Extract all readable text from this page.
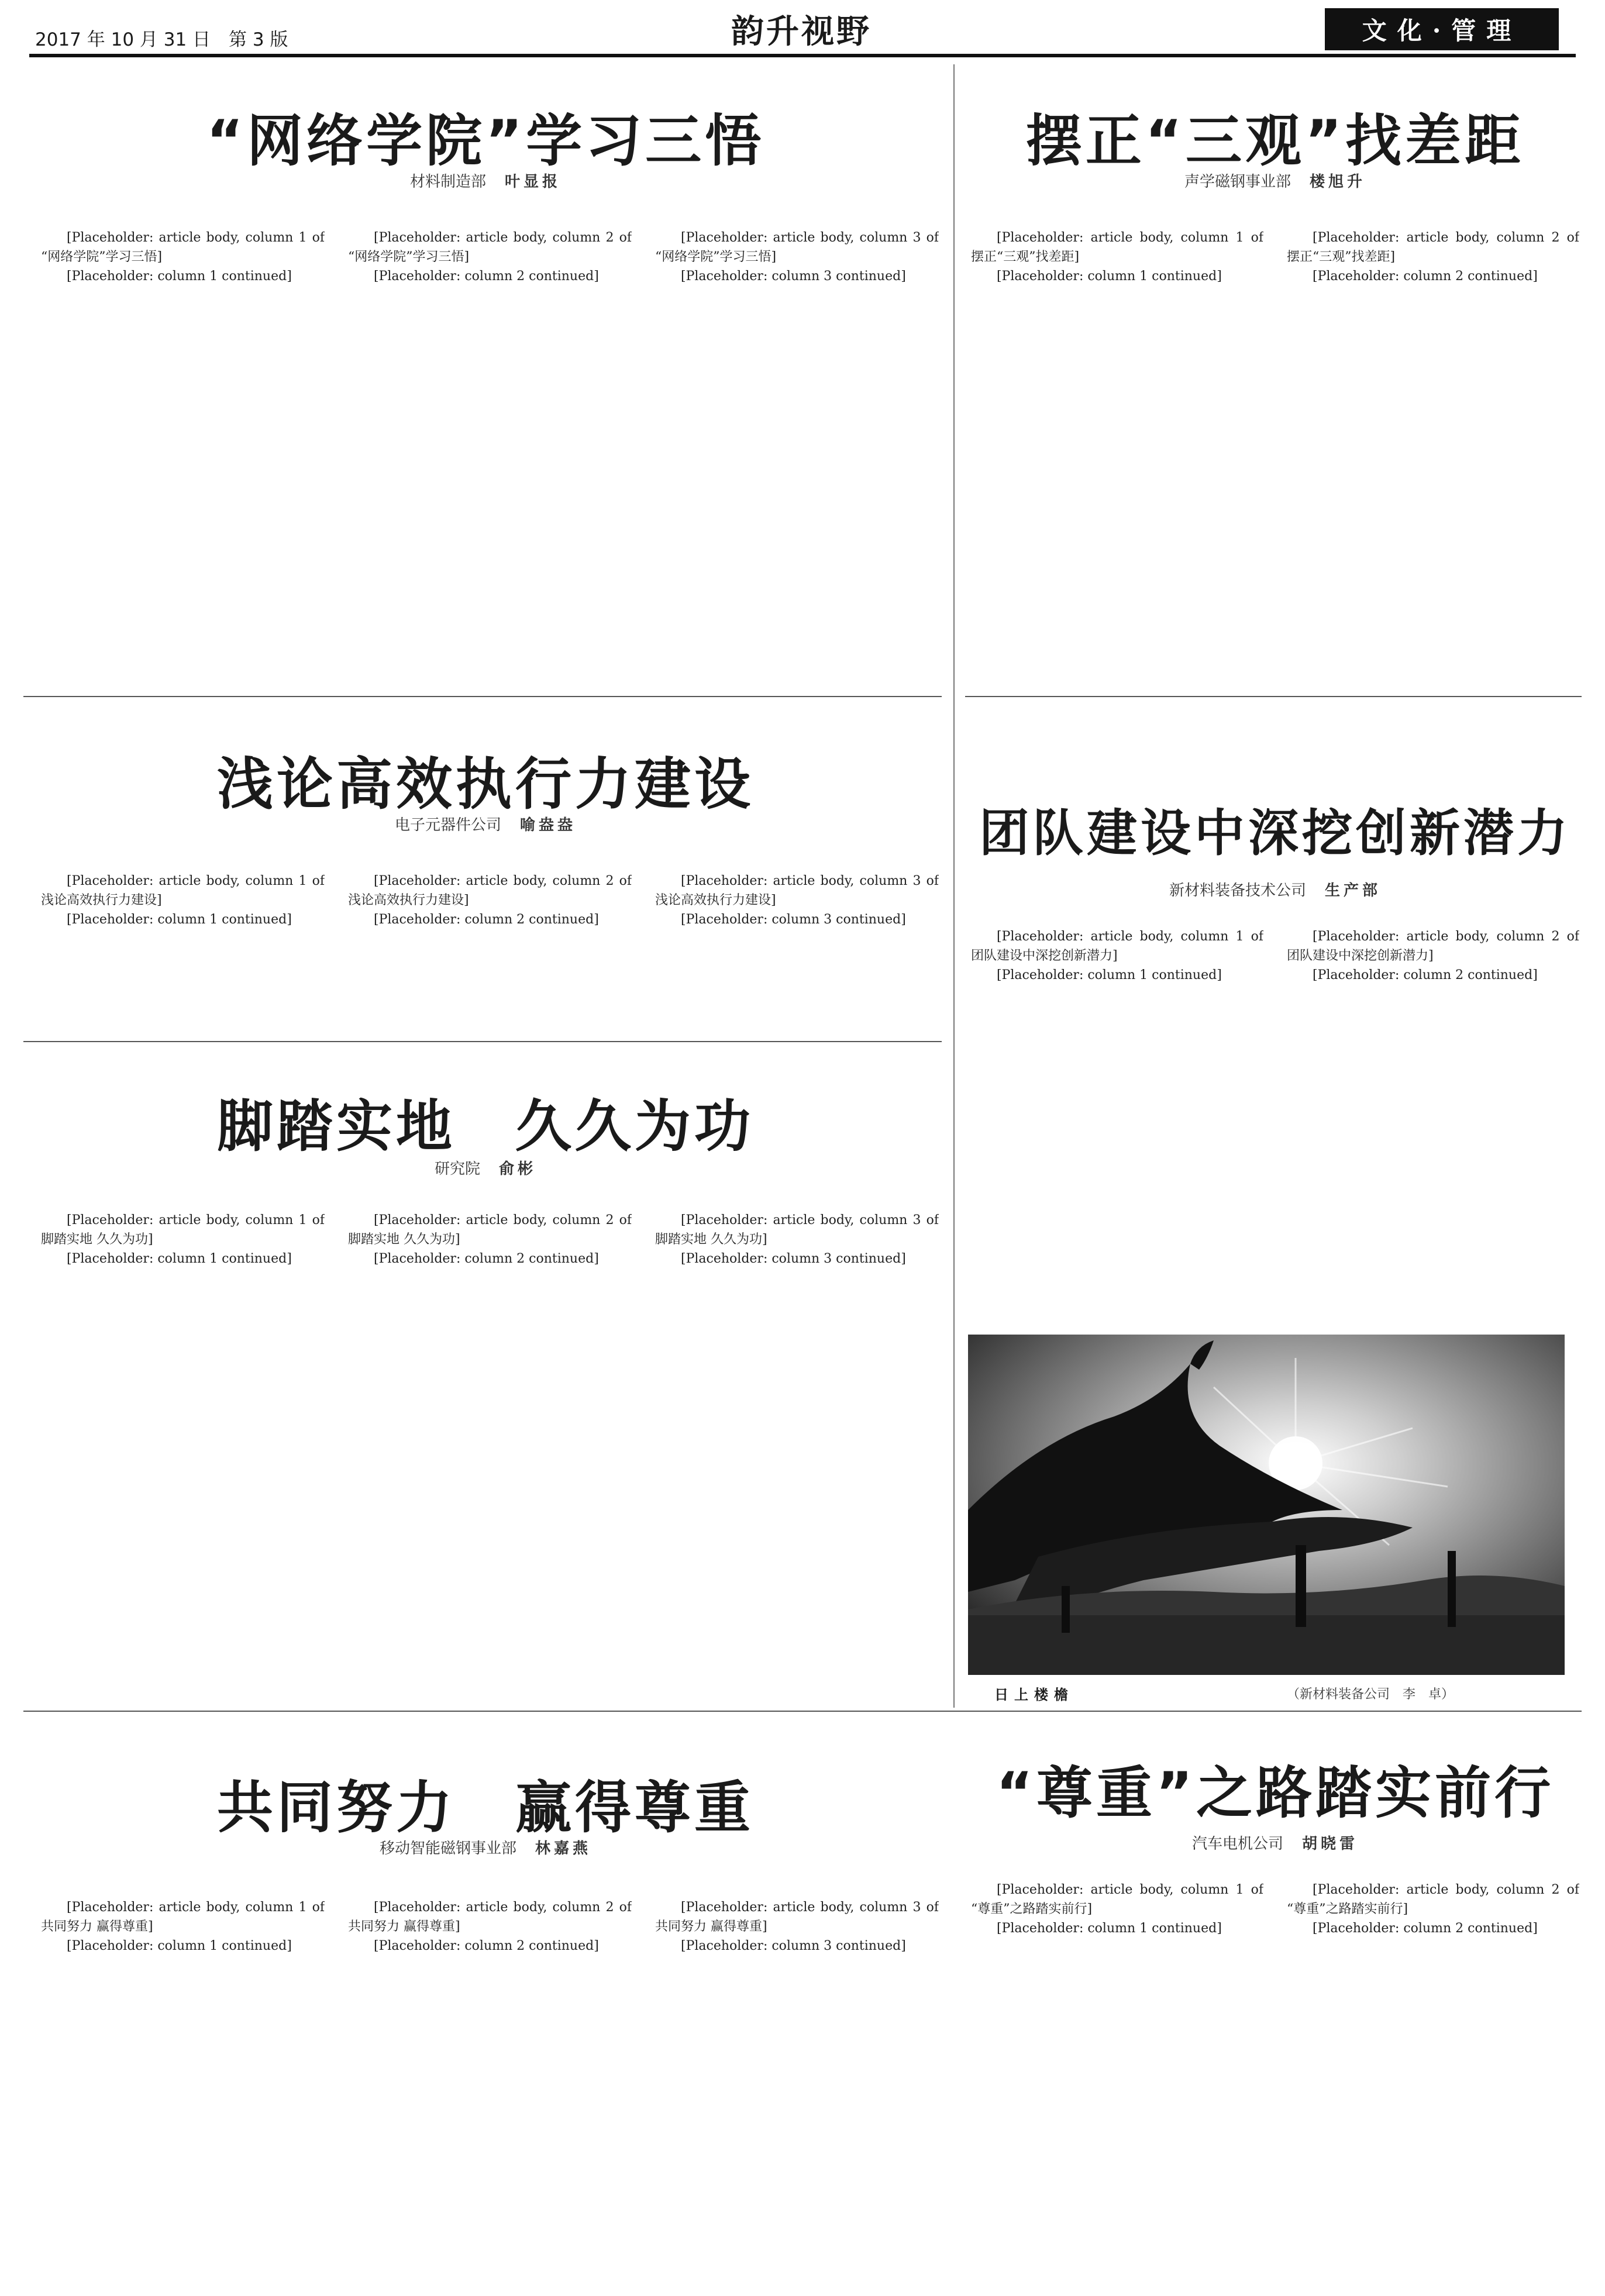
2017 年 10 月 31 日　第 3 版	韵升视野	文化·管理
“网络学院”学习三悟
材料制造部 叶显报

[Placeholder: article body, column 1 of “网络学院”学习三悟]

[Placeholder: column 1 continued]

[Placeholder: article body, column 2 of “网络学院”学习三悟]

[Placeholder: column 2 continued]

[Placeholder: article body, column 3 of “网络学院”学习三悟]

[Placeholder: column 3 continued]

摆正“三观”找差距
声学磁钢事业部 楼旭升

[Placeholder: article body, column 1 of 摆正“三观”找差距]

[Placeholder: column 1 continued]

[Placeholder: article body, column 2 of 摆正“三观”找差距]

[Placeholder: column 2 continued]

浅论高效执行力建设
电子元器件公司 喻盎盎

[Placeholder: article body, column 1 of 浅论高效执行力建设]

[Placeholder: column 1 continued]

[Placeholder: article body, column 2 of 浅论高效执行力建设]

[Placeholder: column 2 continued]

[Placeholder: article body, column 3 of 浅论高效执行力建设]

[Placeholder: column 3 continued]

团队建设中深挖创新潜力
新材料装备技术公司 生产部

[Placeholder: article body, column 1 of 团队建设中深挖创新潜力]

[Placeholder: column 1 continued]

[Placeholder: article body, column 2 of 团队建设中深挖创新潜力]

[Placeholder: column 2 continued]

日上楼檐	（新材料装备公司　李　卓）
脚踏实地　久久为功
研究院 俞彬

[Placeholder: article body, column 1 of 脚踏实地 久久为功]

[Placeholder: column 1 continued]

[Placeholder: article body, column 2 of 脚踏实地 久久为功]

[Placeholder: column 2 continued]

[Placeholder: article body, column 3 of 脚踏实地 久久为功]

[Placeholder: column 3 continued]

共同努力　赢得尊重
移动智能磁钢事业部 林嘉燕

[Placeholder: article body, column 1 of 共同努力 赢得尊重]

[Placeholder: column 1 continued]

[Placeholder: article body, column 2 of 共同努力 赢得尊重]

[Placeholder: column 2 continued]

[Placeholder: article body, column 3 of 共同努力 赢得尊重]

[Placeholder: column 3 continued]

“尊重”之路踏实前行
汽车电机公司 胡晓雷

[Placeholder: article body, column 1 of “尊重”之路踏实前行]

[Placeholder: column 1 continued]

[Placeholder: article body, column 2 of “尊重”之路踏实前行]

[Placeholder: column 2 continued]
